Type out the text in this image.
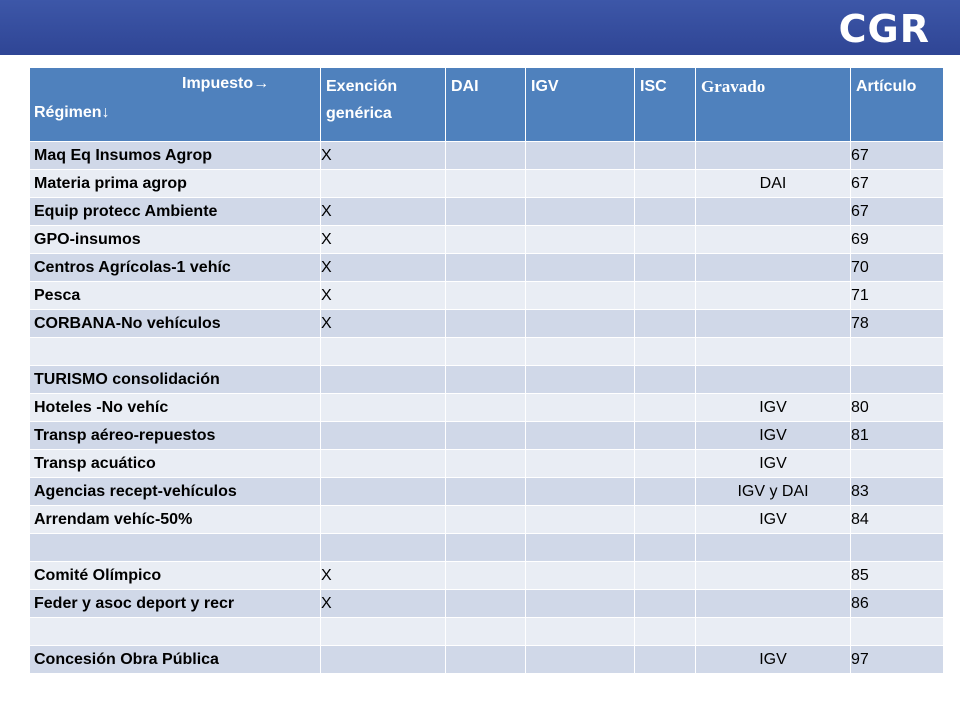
CGR
Impuesto→
Régimen↓	Exención genérica	DAI	IGV	ISC	Gravado	Artículo

Maq Eq Insumos Agrop	X					67
Materia prima agrop					DAI	67
Equip protecc Ambiente	X					67
GPO-insumos	X					69
Centros Agrícolas-1 vehíc	X					70
Pesca	X					71
CORBANA-No vehículos	X					78

TURISMO consolidación						
Hoteles -No vehíc					IGV	80
Transp aéreo-repuestos					IGV	81
Transp acuático					IGV	
Agencias recept-vehículos					IGV y DAI	83
Arrendam vehíc-50%					IGV	84

Comité Olímpico	X					85
Feder y asoc deport y recr	X					86

Concesión Obra Pública					IGV	97
